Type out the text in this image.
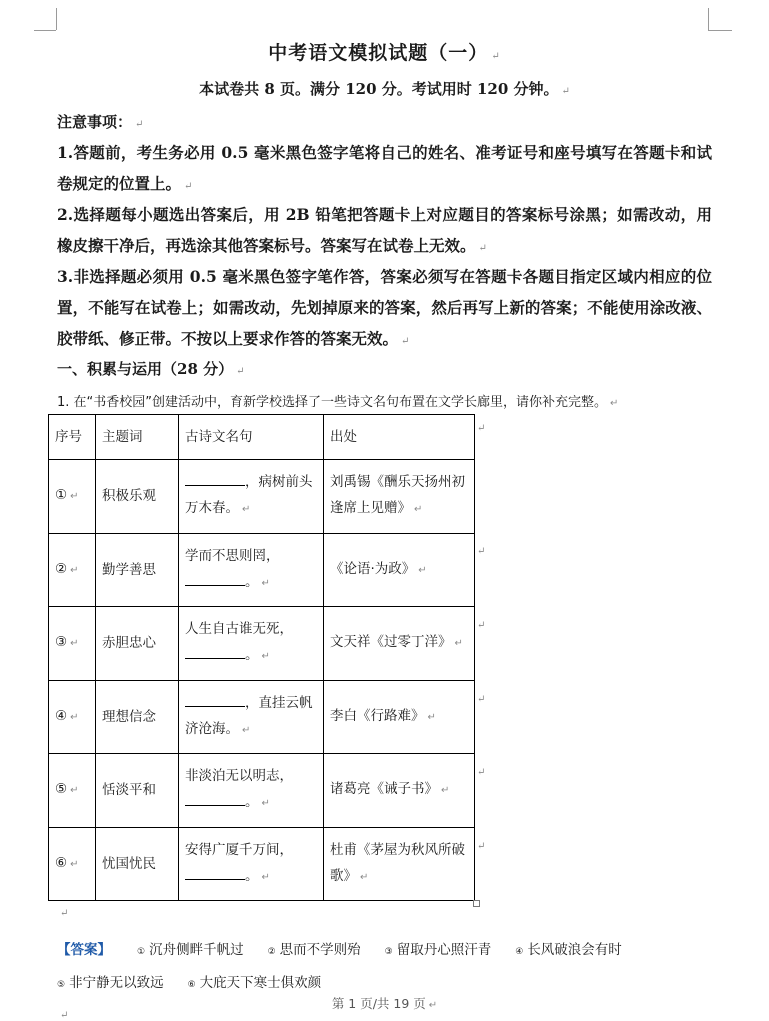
中考语文模拟试题（一） ↵
本试卷共 8 页。满分 120 分。考试用时 120 分钟。 ↵
注意事项： ↵
1.答题前，考生务必用 0.5 毫米黑色签字笔将自己的姓名、准考证号和座号填写在答题卡和试卷规定的位置上。 ↵
2.选择题每小题选出答案后，用 2B 铅笔把答题卡上对应题目的答案标号涂黑；如需改动，用橡皮擦干净后，再选涂其他答案标号。答案写在试卷上无效。 ↵
3.非选择题必须用 0.5 毫米黑色签字笔作答，答案必须写在答题卡各题目指定区域内相应的位置，不能写在试卷上；如需改动，先划掉原来的答案，然后再写上新的答案；不能使用涂改液、胶带纸、修正带。不按以上要求作答的答案无效。 ↵
一、积累与运用（28 分） ↵
1. 在“书香校园”创建活动中，育新学校选择了一些诗文名句布置在文学长廊里，请你补充完整。 ↵
序号	主题词	古诗文名句	出处
① ↵	积极乐观	，病树前头万木春。 ↵	刘禹锡《酬乐天扬州初逢席上见赠》 ↵
② ↵	勤学善思	学而不思则罔，。 ↵	《论语·为政》 ↵
③ ↵	赤胆忠心	人生自古谁无死，。 ↵	文天祥《过零丁洋》 ↵
④ ↵	理想信念	，直挂云帆济沧海。 ↵	李白《行路难》 ↵
⑤ ↵	恬淡平和	非淡泊无以明志，。 ↵	诸葛亮《诫子书》 ↵
⑥ ↵	忧国忧民	安得广厦千万间，。 ↵	杜甫《茅屋为秋风所破歌》 ↵
↵
↵
↵
↵
↵
↵
↵
【答案】	① 沉舟侧畔千帆过	② 思而不学则殆	③ 留取丹心照汗青	④ 长风破浪会有时
⑤ 非宁静无以致远	⑥ 大庇天下寒士俱欢颜
第 1 页/共 19 页 ↵
↵
